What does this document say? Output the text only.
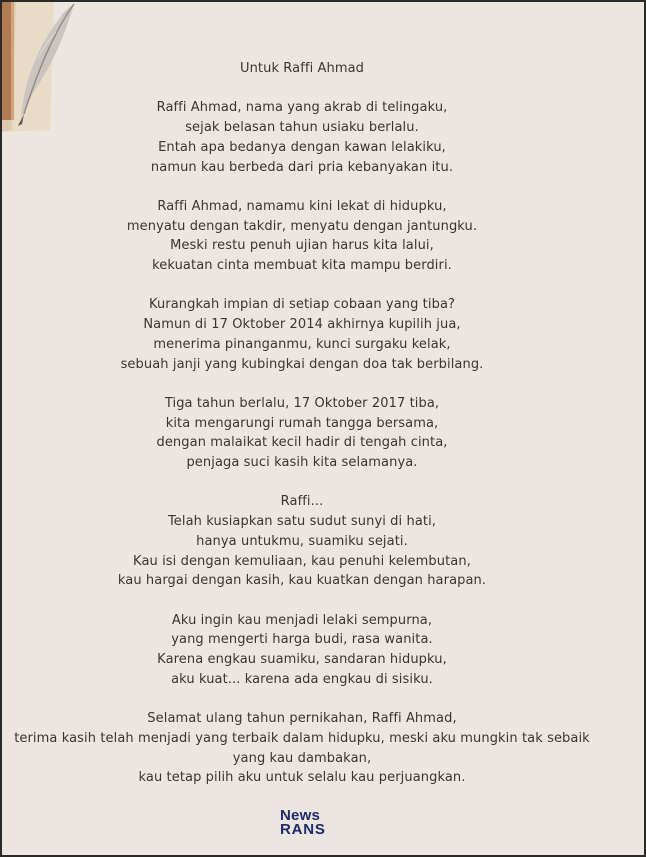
Untuk Raffi Ahmad
Raffi Ahmad, nama yang akrab di telingaku,
sejak belasan tahun usiaku berlalu.
Entah apa bedanya dengan kawan lelakiku,
namun kau berbeda dari pria kebanyakan itu.
Raffi Ahmad, namamu kini lekat di hidupku,
menyatu dengan takdir, menyatu dengan jantungku.
Meski restu penuh ujian harus kita lalui,
kekuatan cinta membuat kita mampu berdiri.
Kurangkah impian di setiap cobaan yang tiba?
Namun di 17 Oktober 2014 akhirnya kupilih jua,
menerima pinanganmu, kunci surgaku kelak,
sebuah janji yang kubingkai dengan doa tak berbilang.
Tiga tahun berlalu, 17 Oktober 2017 tiba,
kita mengarungi rumah tangga bersama,
dengan malaikat kecil hadir di tengah cinta,
penjaga suci kasih kita selamanya.
Raffi...
Telah kusiapkan satu sudut sunyi di hati,
hanya untukmu, suamiku sejati.
Kau isi dengan kemuliaan, kau penuhi kelembutan,
kau hargai dengan kasih, kau kuatkan dengan harapan.
Aku ingin kau menjadi lelaki sempurna,
yang mengerti harga budi, rasa wanita.
Karena engkau suamiku, sandaran hidupku,
aku kuat... karena ada engkau di sisiku.
Selamat ulang tahun pernikahan, Raffi Ahmad,
terima kasih telah menjadi yang terbaik dalam hidupku, meski aku mungkin tak sebaik
yang kau dambakan,
kau tetap pilih aku untuk selalu kau perjuangkan.
News
RANS
